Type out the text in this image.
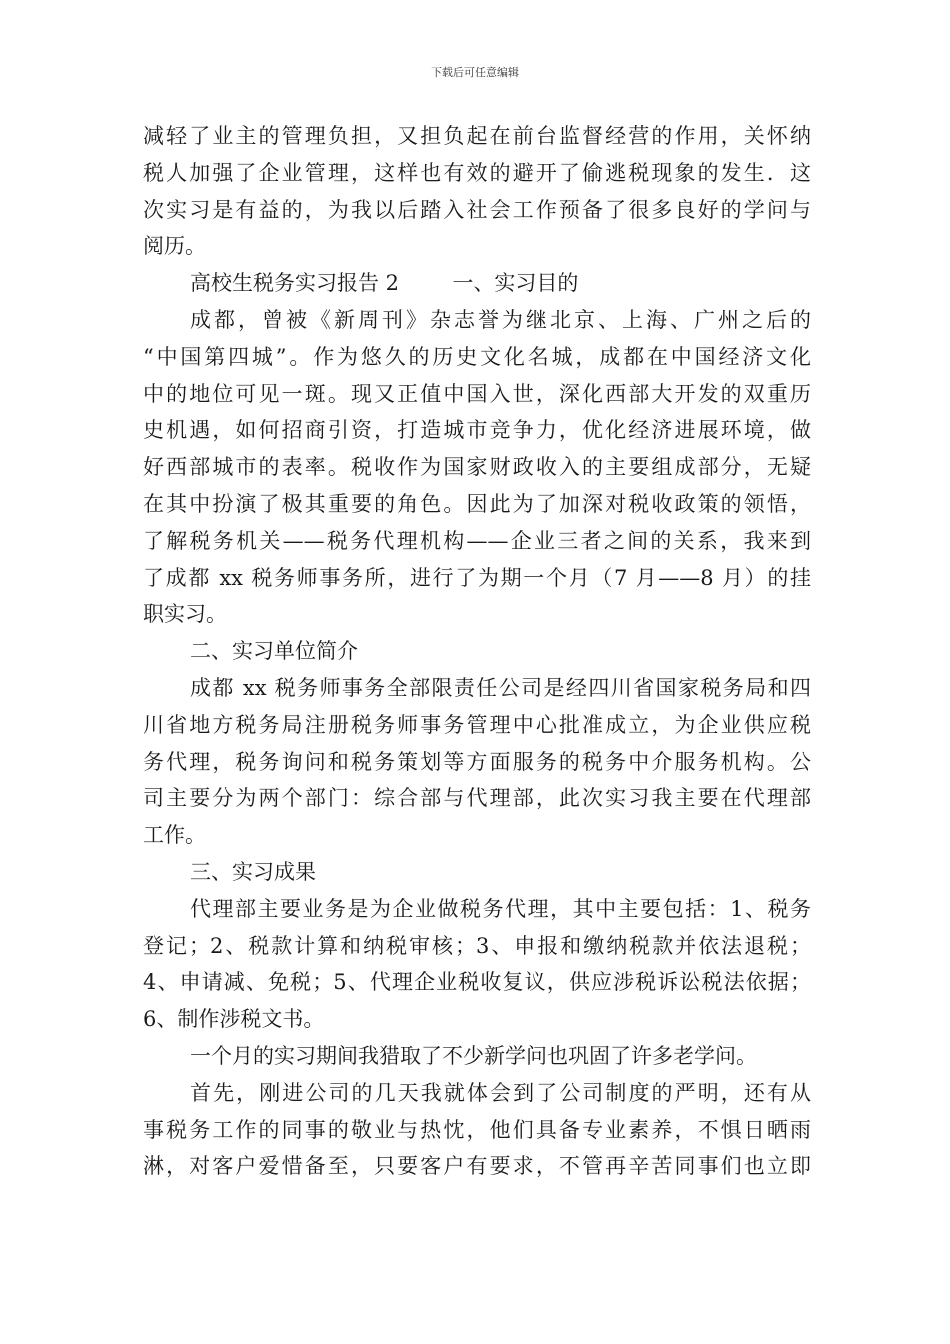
下载后可任意编辑
减轻了业主的管理负担，又担负起在前台监督经营的作用，关怀纳
税人加强了企业管理，这样也有效的避开了偷逃税现象的发生．这
次实习是有益的，为我以后踏入社会工作预备了很多良好的学问与
阅历。
高校生税务实习报告 2        一、实习目的
成都，曾被《新周刊》杂志誉为继北京、上海、广州之后的
“中国第四城”。作为悠久的历史文化名城，成都在中国经济文化
中的地位可见一斑。现又正值中国入世，深化西部大开发的双重历
史机遇，如何招商引资，打造城市竞争力，优化经济进展环境，做
好西部城市的表率。税收作为国家财政收入的主要组成部分，无疑
在其中扮演了极其重要的角色。因此为了加深对税收政策的领悟，
了解税务机关——税务代理机构——企业三者之间的关系，我来到
了成都 xx 税务师事务所，进行了为期一个月（7 月——8 月）的挂
职实习。
二、实习单位简介
成都 xx 税务师事务全部限责任公司是经四川省国家税务局和四
川省地方税务局注册税务师事务管理中心批准成立，为企业供应税
务代理，税务询问和税务策划等方面服务的税务中介服务机构。公
司主要分为两个部门：综合部与代理部，此次实习我主要在代理部
工作。
三、实习成果
代理部主要业务是为企业做税务代理，其中主要包括：1、税务
登记；2、税款计算和纳税审核；3、申报和缴纳税款并依法退税；
4、申请减、免税；5、代理企业税收复议，供应涉税诉讼税法依据；
6、制作涉税文书。
一个月的实习期间我猎取了不少新学问也巩固了许多老学问。
首先，刚进公司的几天我就体会到了公司制度的严明，还有从
事税务工作的同事的敬业与热忱，他们具备专业素养，不惧日晒雨
淋，对客户爱惜备至，只要客户有要求，不管再辛苦同事们也立即
